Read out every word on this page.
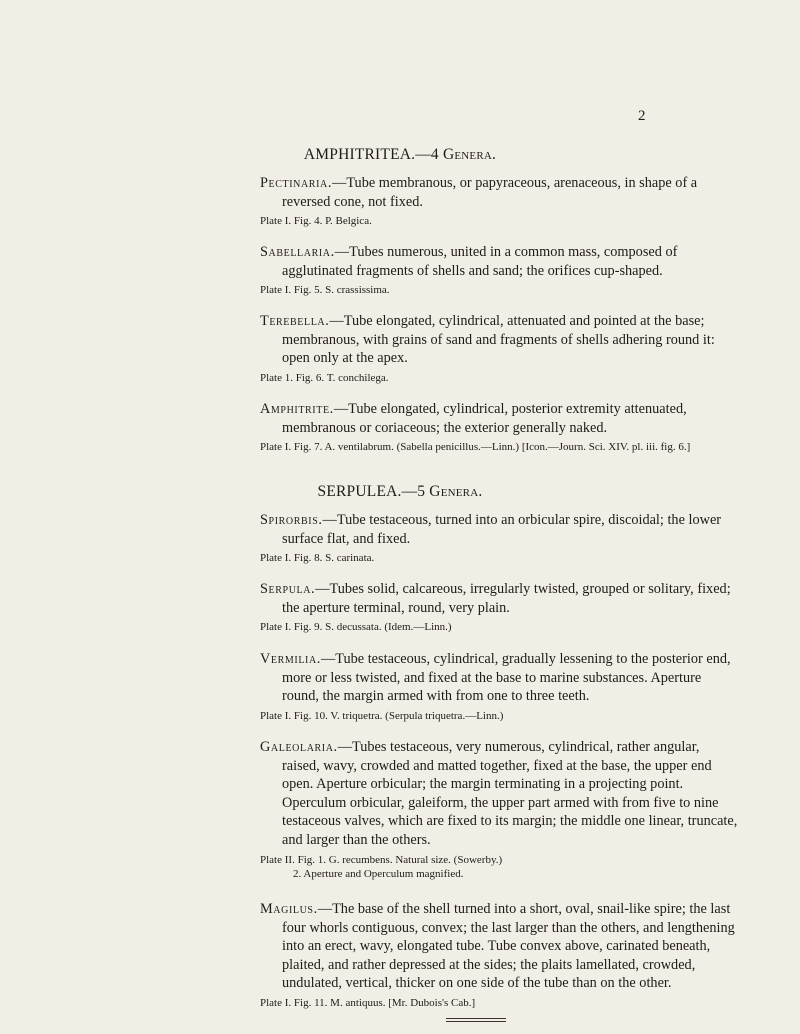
2
AMPHITRITEA.—4 Genera.

Pectinaria.—Tube membranous, or papyraceous, arenaceous, in shape of a reversed cone, not fixed.

Plate I. Fig. 4. P. Belgica.

Sabellaria.—Tubes numerous, united in a common mass, composed of agglutinated fragments of shells and sand; the orifices cup-shaped.

Plate I. Fig. 5. S. crassissima.

Terebella.—Tube elongated, cylindrical, attenuated and pointed at the base; membranous, with grains of sand and fragments of shells adhering round it: open only at the apex.

Plate 1. Fig. 6. T. conchilega.

Amphitrite.—Tube elongated, cylindrical, posterior extremity attenuated, membranous or coriaceous; the exterior generally naked.

Plate I. Fig. 7. A. ventilabrum. (Sabella penicillus.—Linn.) [Icon.—Journ. Sci. XIV. pl. iii. fig. 6.]

SERPULEA.—5 Genera.

Spirorbis.—Tube testaceous, turned into an orbicular spire, discoidal; the lower surface flat, and fixed.

Plate I. Fig. 8. S. carinata.

Serpula.—Tubes solid, calcareous, irregularly twisted, grouped or solitary, fixed; the aperture terminal, round, very plain.

Plate I. Fig. 9. S. decussata. (Idem.—Linn.)

Vermilia.—Tube testaceous, cylindrical, gradually lessening to the posterior end, more or less twisted, and fixed at the base to marine substances. Aperture round, the margin armed with from one to three teeth.

Plate I. Fig. 10. V. triquetra. (Serpula triquetra.—Linn.)

Galeolaria.—Tubes testaceous, very numerous, cylindrical, rather angular, raised, wavy, crowded and matted together, fixed at the base, the upper end open. Aperture orbicular; the margin terminating in a projecting point. Operculum orbicular, galeiform, the upper part armed with from five to nine testaceous valves, which are fixed to its margin; the middle one linear, truncate, and larger than the others.

Plate II. Fig. 1. G. recumbens. Natural size. (Sowerby.)

2. Aperture and Operculum magnified.

Magilus.—The base of the shell turned into a short, oval, snail-like spire; the last four whorls contiguous, convex; the last larger than the others, and lengthening into an erect, wavy, elongated tube. Tube convex above, carinated beneath, plaited, and rather depressed at the sides; the plaits lamellated, crowded, undulated, vertical, thicker on one side of the tube than on the other.

Plate I. Fig. 11. M. antiquus. [Mr. Dubois's Cab.]
